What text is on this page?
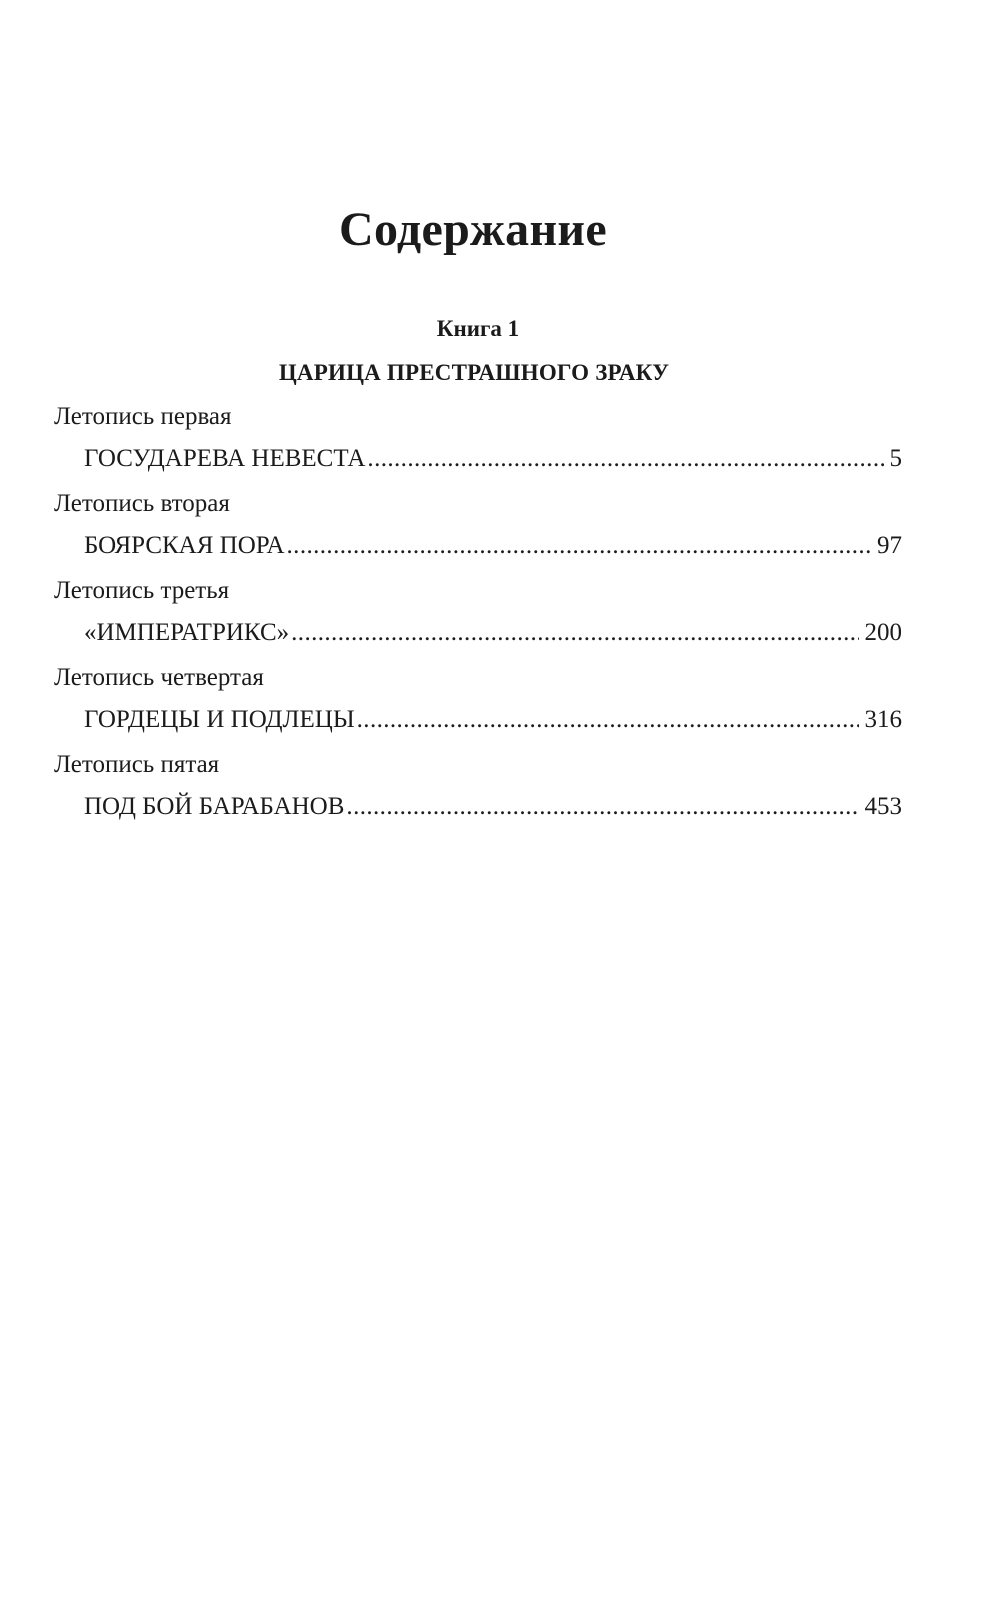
Содержание
Книга 1
ЦАРИЦА ПРЕСТРАШНОГО ЗРАКУ
Летопись первая
ГОСУДАРЕВА НЕВЕСТА .....	5
Летопись вторая
БОЯРСКАЯ ПОРА .....	97
Летопись третья
«ИМПЕРАТРИКС» .....	200
Летопись четвертая
ГОРДЕЦЫ И ПОДЛЕЦЫ .....	316
Летопись пятая
ПОД БОЙ БАРАБАНОВ .....	453
